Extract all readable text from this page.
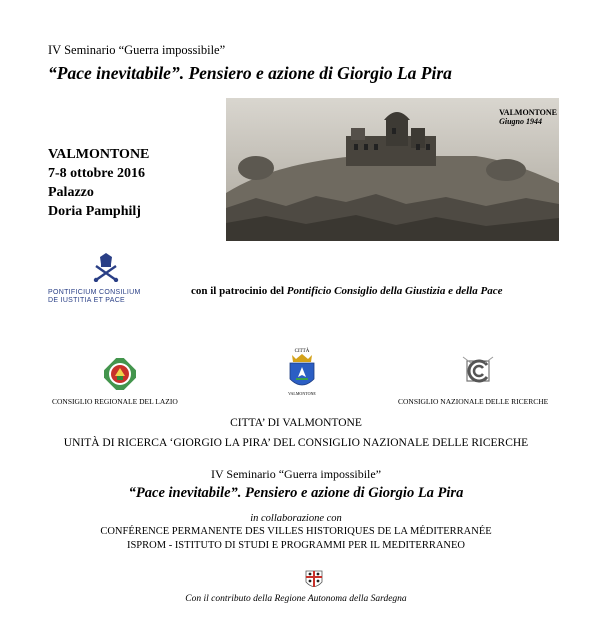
IV Seminario “Guerra impossibile”
“Pace inevitabile”. Pensiero e azione di Giorgio La Pira
VALMONTONE
7-8 ottobre 2016
Palazzo
Doria Pamphilj
VALMONTONE
Giugno 1944
PONTIFICIUM CONSILIUM
DE IUSTITIA ET PACE
con il patrocinio del Pontificio Consiglio della Giustizia e della Pace
CONSIGLIO REGIONALE DEL LAZIO
CITTÀ
VALMONTONE
CONSIGLIO NAZIONALE DELLE RICERCHE
CITTA’ DI VALMONTONE
UNITÀ DI RICERCA ‘GIORGIO LA PIRA’ DEL CONSIGLIO NAZIONALE DELLE RICERCHE
IV Seminario “Guerra impossibile”
“Pace inevitabile”. Pensiero e azione di Giorgio La Pira
in collaborazione con
CONFÉRENCE PERMANENTE DES VILLES HISTORIQUES DE LA MÉDITERRANÉE
ISPROM - ISTITUTO DI STUDI E PROGRAMMI PER IL MEDITERRANEO
Con il contributo della Regione Autonoma della Sardegna
